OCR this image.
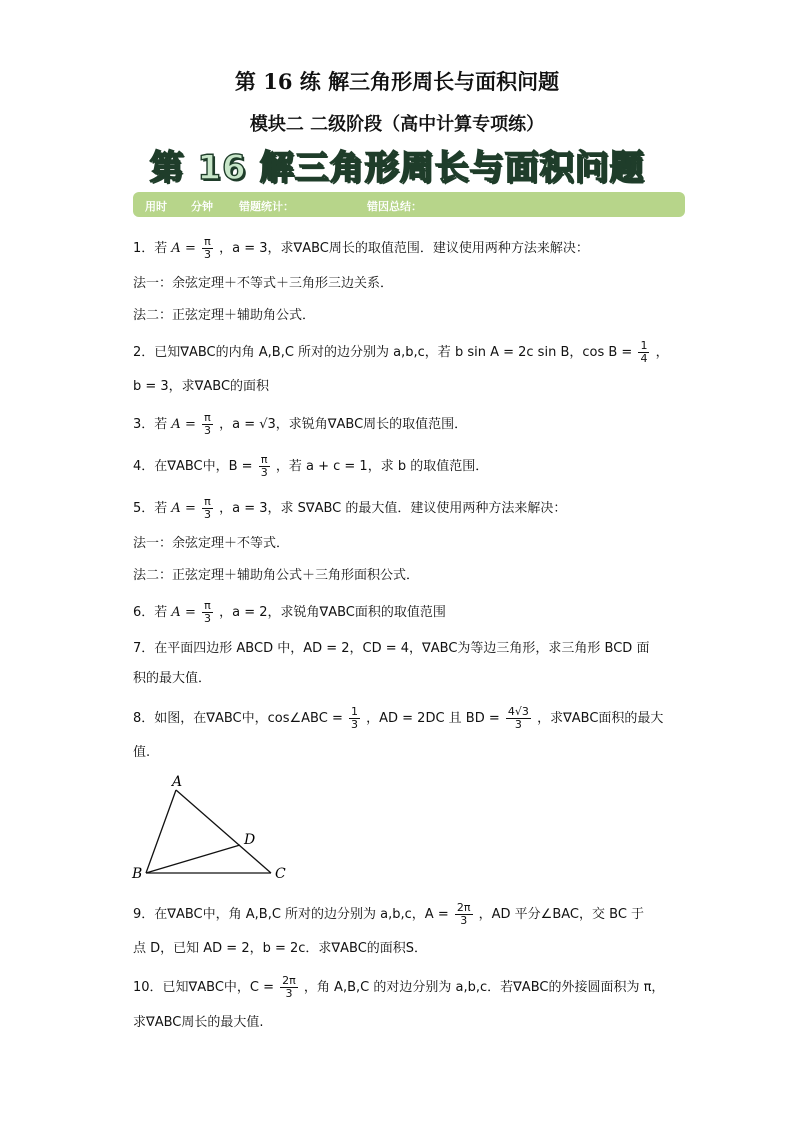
第 16 练 解三角形周长与面积问题
模块二 二级阶段（高中计算专项练）
第 16 解三角形周长与面积问题
用时 分钟 错题统计：	错因总结：
1．若 $A = \frac{\pi}{3}$ ，a = 3，求∇ABC周长的取值范围．建议使用两种方法来解决：
法一：余弦定理＋不等式＋三角形三边关系．
法二：正弦定理＋辅助角公式．
2．已知∇ABC的内角 A,B,C 所对的边分别为 a,b,c，若 b sin A = 2c sin B，$\cos B = \frac{1}{4}$ ，
b = 3，求∇ABC的面积
3．若 $A = \frac{\pi}{3}$ ，a = √3，求锐角∇ABC周长的取值范围．
4．在∇ABC中，$B = \frac{\pi}{3}$ ，若 a + c = 1，求 b 的取值范围．
5．若 $A = \frac{\pi}{3}$ ，a = 3，求 S∇ABC 的最大值．建议使用两种方法来解决：
法一：余弦定理＋不等式．
法二：正弦定理＋辅助角公式＋三角形面积公式．
6．若 $A = \frac{\pi}{3}$ ，a = 2，求锐角∇ABC面积的取值范围
7．在平面四边形 ABCD 中，AD = 2，CD = 4，∇ABC为等边三角形，求三角形 BCD 面
积的最大值．
8．如图，在∇ABC中，cos∠ABC = $\frac{1}{3}$ ，AD = 2DC 且 BD = $\frac{4√3}{3}$ ，求∇ABC面积的最大
值.
A
B	C
D
9．在∇ABC中，角 A,B,C 所对的边分别为 a,b,c，$A = \frac{2\pi}{3}$ ，AD 平分∠BAC，交 BC 于
点 D，已知 AD = 2，b = 2c．求∇ABC的面积S．
10．已知∇ABC中，$C = \frac{2\pi}{3}$ ，角 A,B,C 的对边分别为 a,b,c．若∇ABC的外接圆面积为 π，
求∇ABC周长的最大值.
